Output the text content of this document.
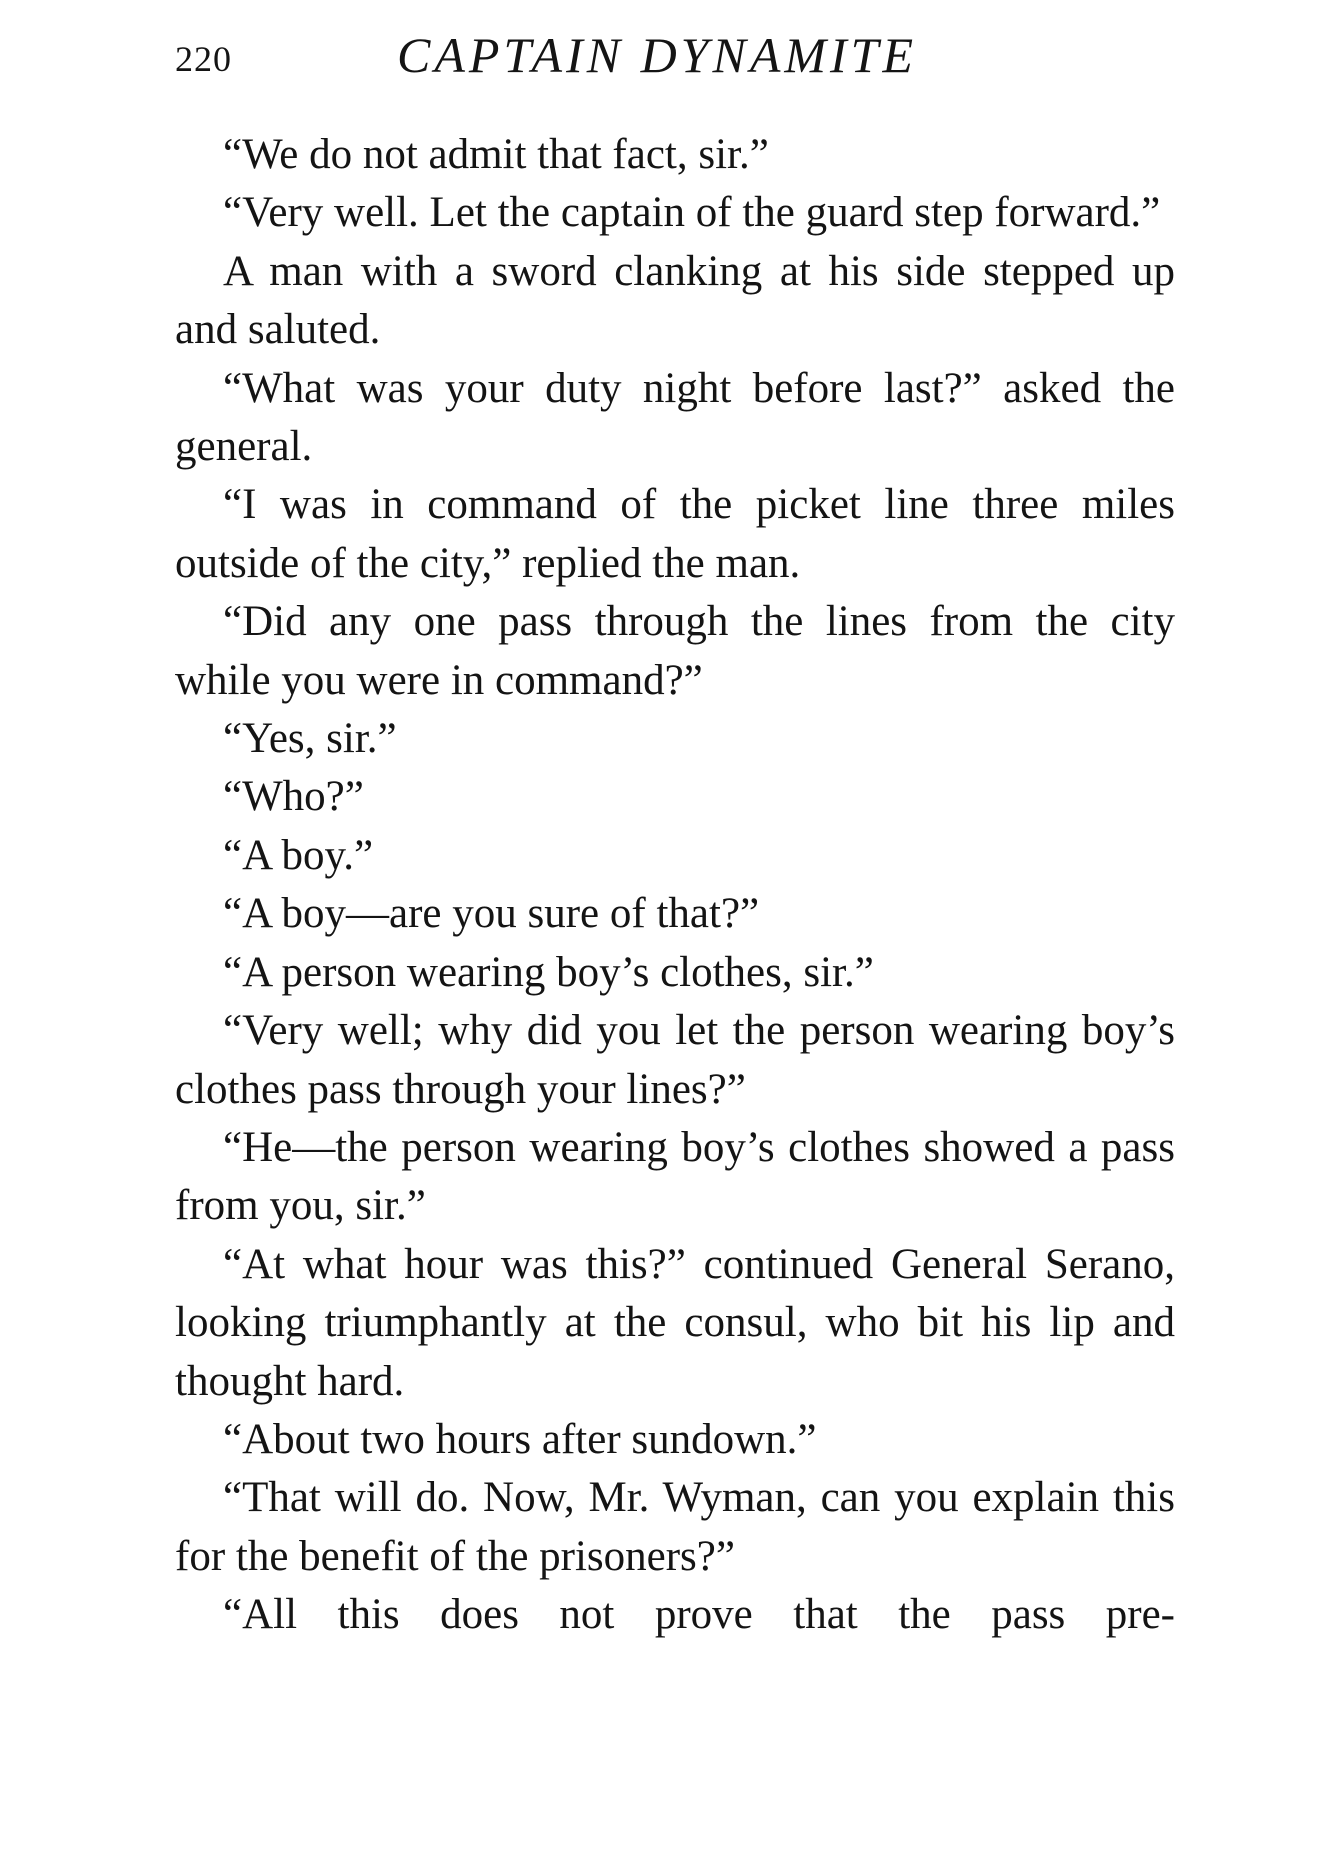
220	CAPTAIN DYNAMITE

“We do not admit that fact, sir.”

“Very well. Let the captain of the guard step forward.”

A man with a sword clanking at his side stepped up and saluted.

“What was your duty night before last?” asked the general.

“I was in command of the picket line three miles outside of the city,” replied the man.

“Did any one pass through the lines from the city while you were in command?”

“Yes, sir.”

“Who?”

“A boy.”

“A boy—are you sure of that?”

“A person wearing boy’s clothes, sir.”

“Very well; why did you let the person wearing boy’s clothes pass through your lines?”

“He—the person wearing boy’s clothes showed a pass from you, sir.”

“At what hour was this?” continued General Serano, looking triumphantly at the consul, who bit his lip and thought hard.

“About two hours after sundown.”

“That will do. Now, Mr. Wyman, can you explain this for the benefit of the prisoners?”

“All this does not prove that the pass pre-
